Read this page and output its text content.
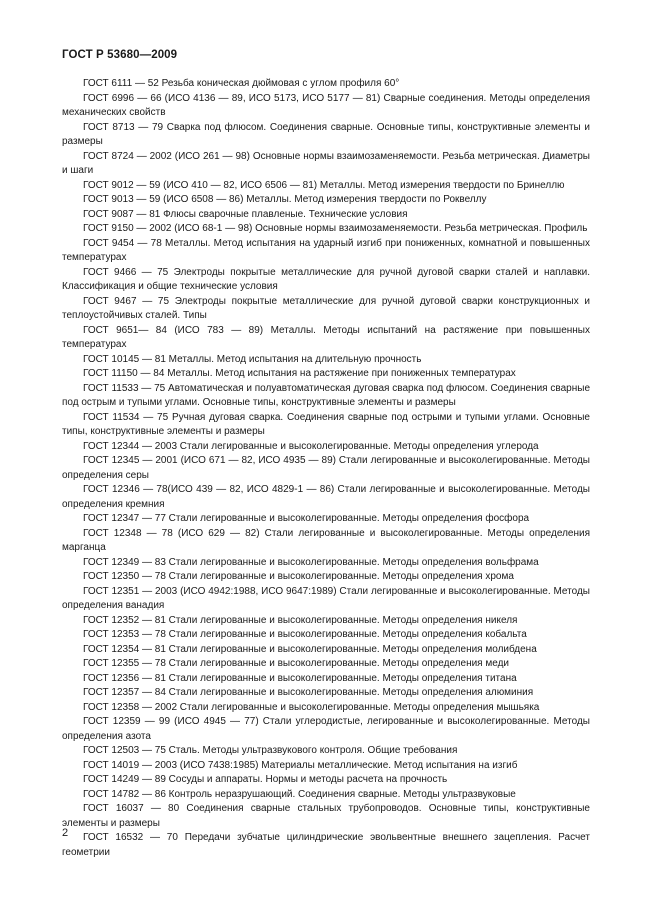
ГОСТ Р 53680—2009

ГОСТ 6111 — 52 Резьба коническая дюймовая с углом профиля 60°

ГОСТ 6996 — 66 (ИСО 4136 — 89, ИСО 5173, ИСО 5177 — 81) Сварные соединения. Методы определения механических свойств

ГОСТ 8713 — 79 Сварка под флюсом. Соединения сварные. Основные типы, конструктивные элементы и размеры

ГОСТ 8724 — 2002 (ИСО 261 — 98) Основные нормы взаимозаменяемости. Резьба метрическая. Диаметры и шаги

ГОСТ 9012 — 59 (ИСО 410 — 82, ИСО 6506 — 81) Металлы. Метод измерения твердости по Бринеллю

ГОСТ 9013 — 59 (ИСО 6508 — 86) Металлы. Метод измерения твердости по Роквеллу

ГОСТ 9087 — 81 Флюсы сварочные плавленые. Технические условия

ГОСТ 9150 — 2002 (ИСО 68-1 — 98) Основные нормы взаимозаменяемости. Резьба метрическая. Профиль

ГОСТ 9454 — 78 Металлы. Метод испытания на ударный изгиб при пониженных, комнатной и повышенных температурах

ГОСТ 9466 — 75 Электроды покрытые металлические для ручной дуговой сварки сталей и наплавки. Классификация и общие технические условия

ГОСТ 9467 — 75 Электроды покрытые металлические для ручной дуговой сварки конструкционных и теплоустойчивых сталей. Типы

ГОСТ 9651— 84 (ИСО 783 — 89) Металлы. Методы испытаний на растяжение при повышенных температурах

ГОСТ 10145 — 81 Металлы. Метод испытания на длительную прочность

ГОСТ 11150 — 84 Металлы. Метод испытания на растяжение при пониженных температурах

ГОСТ 11533 — 75 Автоматическая и полуавтоматическая дуговая сварка под флюсом. Соединения сварные под острым и тупыми углами. Основные типы, конструктивные элементы и размеры

ГОСТ 11534 — 75 Ручная дуговая сварка. Соединения сварные под острыми и тупыми углами. Основные типы, конструктивные элементы и размеры

ГОСТ 12344 — 2003 Стали легированные и высоколегированные. Методы определения углерода

ГОСТ 12345 — 2001 (ИСО 671 — 82, ИСО 4935 — 89) Стали легированные и высоколегированные. Методы определения серы

ГОСТ 12346 — 78(ИСО 439 — 82, ИСО 4829-1 — 86) Стали легированные и высоколегированные. Методы определения кремния

ГОСТ 12347 — 77 Стали легированные и высоколегированные. Методы определения фосфора

ГОСТ 12348 — 78 (ИСО 629 — 82) Стали легированные и высоколегированные. Методы определения марганца

ГОСТ 12349 — 83 Стали легированные и высоколегированные. Методы определения вольфрама

ГОСТ 12350 — 78 Стали легированные и высоколегированные. Методы определения хрома

ГОСТ 12351 — 2003 (ИСО 4942:1988, ИСО 9647:1989) Стали легированные и высоколегированные. Методы определения ванадия

ГОСТ 12352 — 81 Стали легированные и высоколегированные. Методы определения никеля

ГОСТ 12353 — 78 Стали легированные и высоколегированные. Методы определения кобальта

ГОСТ 12354 — 81 Стали легированные и высоколегированные. Методы определения молибдена

ГОСТ 12355 — 78 Стали легированные и высоколегированные. Методы определения меди

ГОСТ 12356 — 81 Стали легированные и высоколегированные. Методы определения титана

ГОСТ 12357 — 84 Стали легированные и высоколегированные. Методы определения алюминия

ГОСТ 12358 — 2002 Стали легированные и высоколегированные. Методы определения мышьяка

ГОСТ 12359 — 99 (ИСО 4945 — 77) Стали углеродистые, легированные и высоколегированные. Методы определения азота

ГОСТ 12503 — 75 Сталь. Методы ультразвукового контроля. Общие требования

ГОСТ 14019 — 2003 (ИСО 7438:1985) Материалы металлические. Метод испытания на изгиб

ГОСТ 14249 — 89 Сосуды и аппараты. Нормы и методы расчета на прочность

ГОСТ 14782 — 86 Контроль неразрушающий. Соединения сварные. Методы ультразвуковые

ГОСТ 16037 — 80 Соединения сварные стальных трубопроводов. Основные типы, конструктивные элементы и размеры

ГОСТ 16532 — 70 Передачи зубчатые цилиндрические эвольвентные внешнего зацепления. Расчет геометрии

2
